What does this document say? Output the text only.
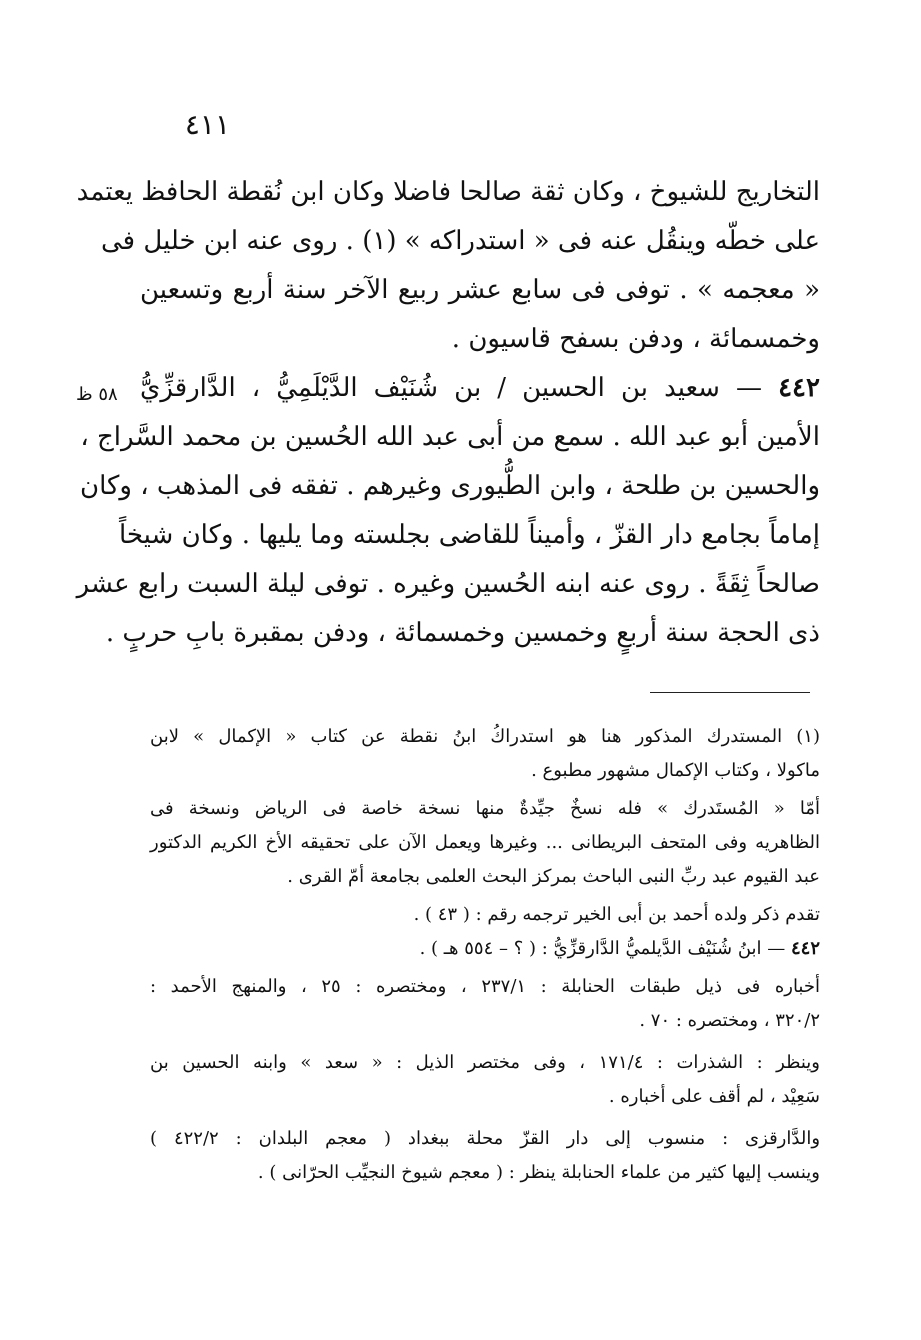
٤١١
٥٨ ظ
التخاريج للشيوخ ، وكان ثقة صالحا فاضلا وكان ابن نُقطة الحافظ يعتمد
على خطّه وينقُل عنه فى « استدراكه » (١) . روى عنه ابن خليل فى
« معجمه » . توفى فى سابع عشر ربيع الآخر سنة أربع وتسعين
وخمسمائة ، ودفن بسفح قاسيون .
٤٤٢ — سعيد بن الحسين / بن شُنَيْف الدَّيْلَمِيُّ ، الدَّارقزِّيُّ
الأمين أبو عبد الله . سمع من أبى عبد الله الحُسين بن محمد السَّراج ،
والحسين بن طلحة ، وابن الطُّيورى وغيرهم . تفقه فى المذهب ، وكان
إماماً بجامع دار القزّ ، وأميناً للقاضى بجلسته وما يليها . وكان شيخاً
صالحاً ثِقَةً . روى عنه ابنه الحُسين وغيره . توفى ليلة السبت رابع عشر
ذى الحجة سنة أربعٍ وخمسين وخمسمائة ، ودفن بمقبرة بابِ حربٍ .
(١) المستدرك المذكور هنا هو استدراكُ ابنُ نقطة عن كتاب « الإكمال » لابن
ماكولا ، وكتاب الإكمال مشهور مطبوع .
أمّا « المُستَدرك » فله نسخٌ جيِّدةٌ منها نسخة خاصة فى الرياض ونسخة فى
الظاهريه وفى المتحف البريطانى ... وغيرها ويعمل الآن على تحقيقه الأخ الكريم الدكتور
عبد القيوم عبد ربِّ النبى الباحث بمركز البحث العلمى بجامعة أمّ القرى .
تقدم ذكر ولده أحمد بن أبى الخير ترجمه رقم : ( ٤٣ ) .
٤٤٢ — ابنُ شُنَيْف الدَّيلميُّ الدَّارقزِّيُّ : ( ؟ – ٥٥٤ هـ ) .
أخباره فى ذيل طبقات الحنابلة : ٢٣٧/١ ، ومختصره : ٢٥ ، والمنهج الأحمد :
٣٢٠/٢ ، ومختصره : ٧٠ .
وينظر : الشذرات : ١٧١/٤ ، وفى مختصر الذيل : « سعد » وابنه الحسين بن
سَعِيْد ، لم أقف على أخباره .
والدَّارقزى : منسوب إلى دار القزّ محلة ببغداد ( معجم البلدان : ٤٢٢/٢ )
وينسب إليها كثير من علماء الحنابلة ينظر : ( معجم شيوخ النجيِّب الحرّانى ) .
